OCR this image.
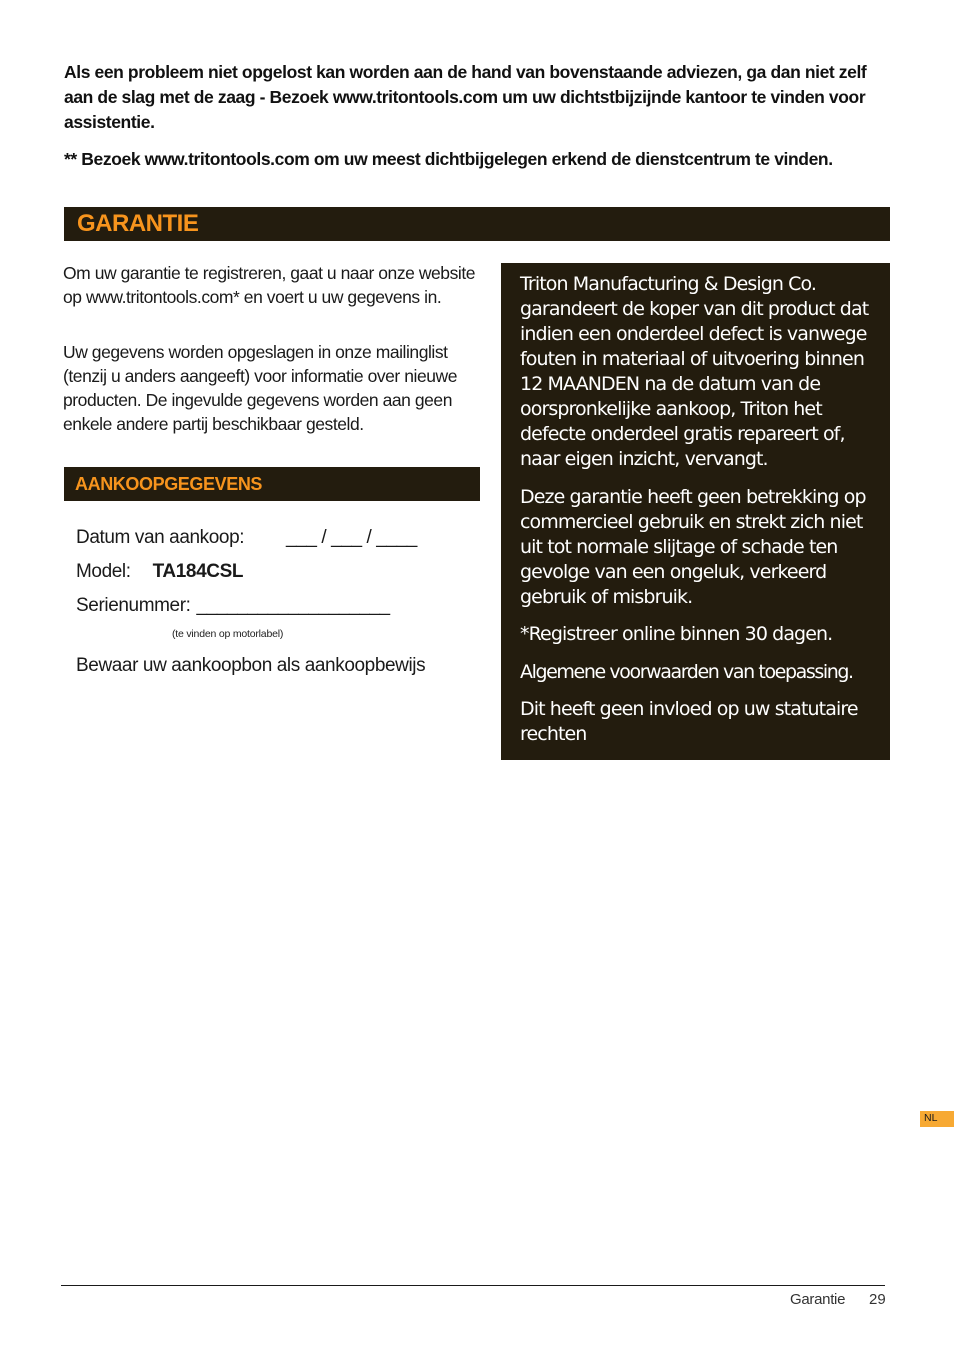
Als een probleem niet opgelost kan worden aan de hand van bovenstaande adviezen, ga dan niet zelf aan de slag met de zaag - Bezoek www.tritontools.com um uw dichtstbijzijnde kantoor te vinden voor assistentie.

** Bezoek www.tritontools.com om uw meest dichtbijgelegen erkend de dienstcentrum te vinden.

GARANTIE

Om uw garantie te registreren, gaat u naar onze website op www.tritontools.com* en voert u uw gegevens in.

Uw gegevens worden opgeslagen in onze mailinglist (tenzij u anders aangeeft) voor informatie over nieuwe producten. De ingevulde gegevens worden aan geen enkele andere partij beschikbaar gesteld.

AANKOOPGEGEVENS
Datum van aankoop: ___ / ___ / ____
Model: TA184CSL
Serienummer: ___________________
(te vinden op motorlabel)
Bewaar uw aankoopbon als aankoopbewijs

Triton Manufacturing & Design Co. garandeert de koper van dit product dat indien een onderdeel defect is vanwege fouten in materiaal of uitvoering binnen 12 MAANDEN na de datum van de oorspronkelijke aankoop, Triton het defecte onderdeel gratis repareert of, naar eigen inzicht, vervangt.

Deze garantie heeft geen betrekking op commercieel gebruik en strekt zich niet uit tot normale slijtage of schade ten gevolge van een ongeluk, verkeerd gebruik of misbruik.

*Registreer online binnen 30 dagen.

Algemene voorwaarden van toepassing.

Dit heeft geen invloed op uw statutaire rechten

NL
Garantie 29
